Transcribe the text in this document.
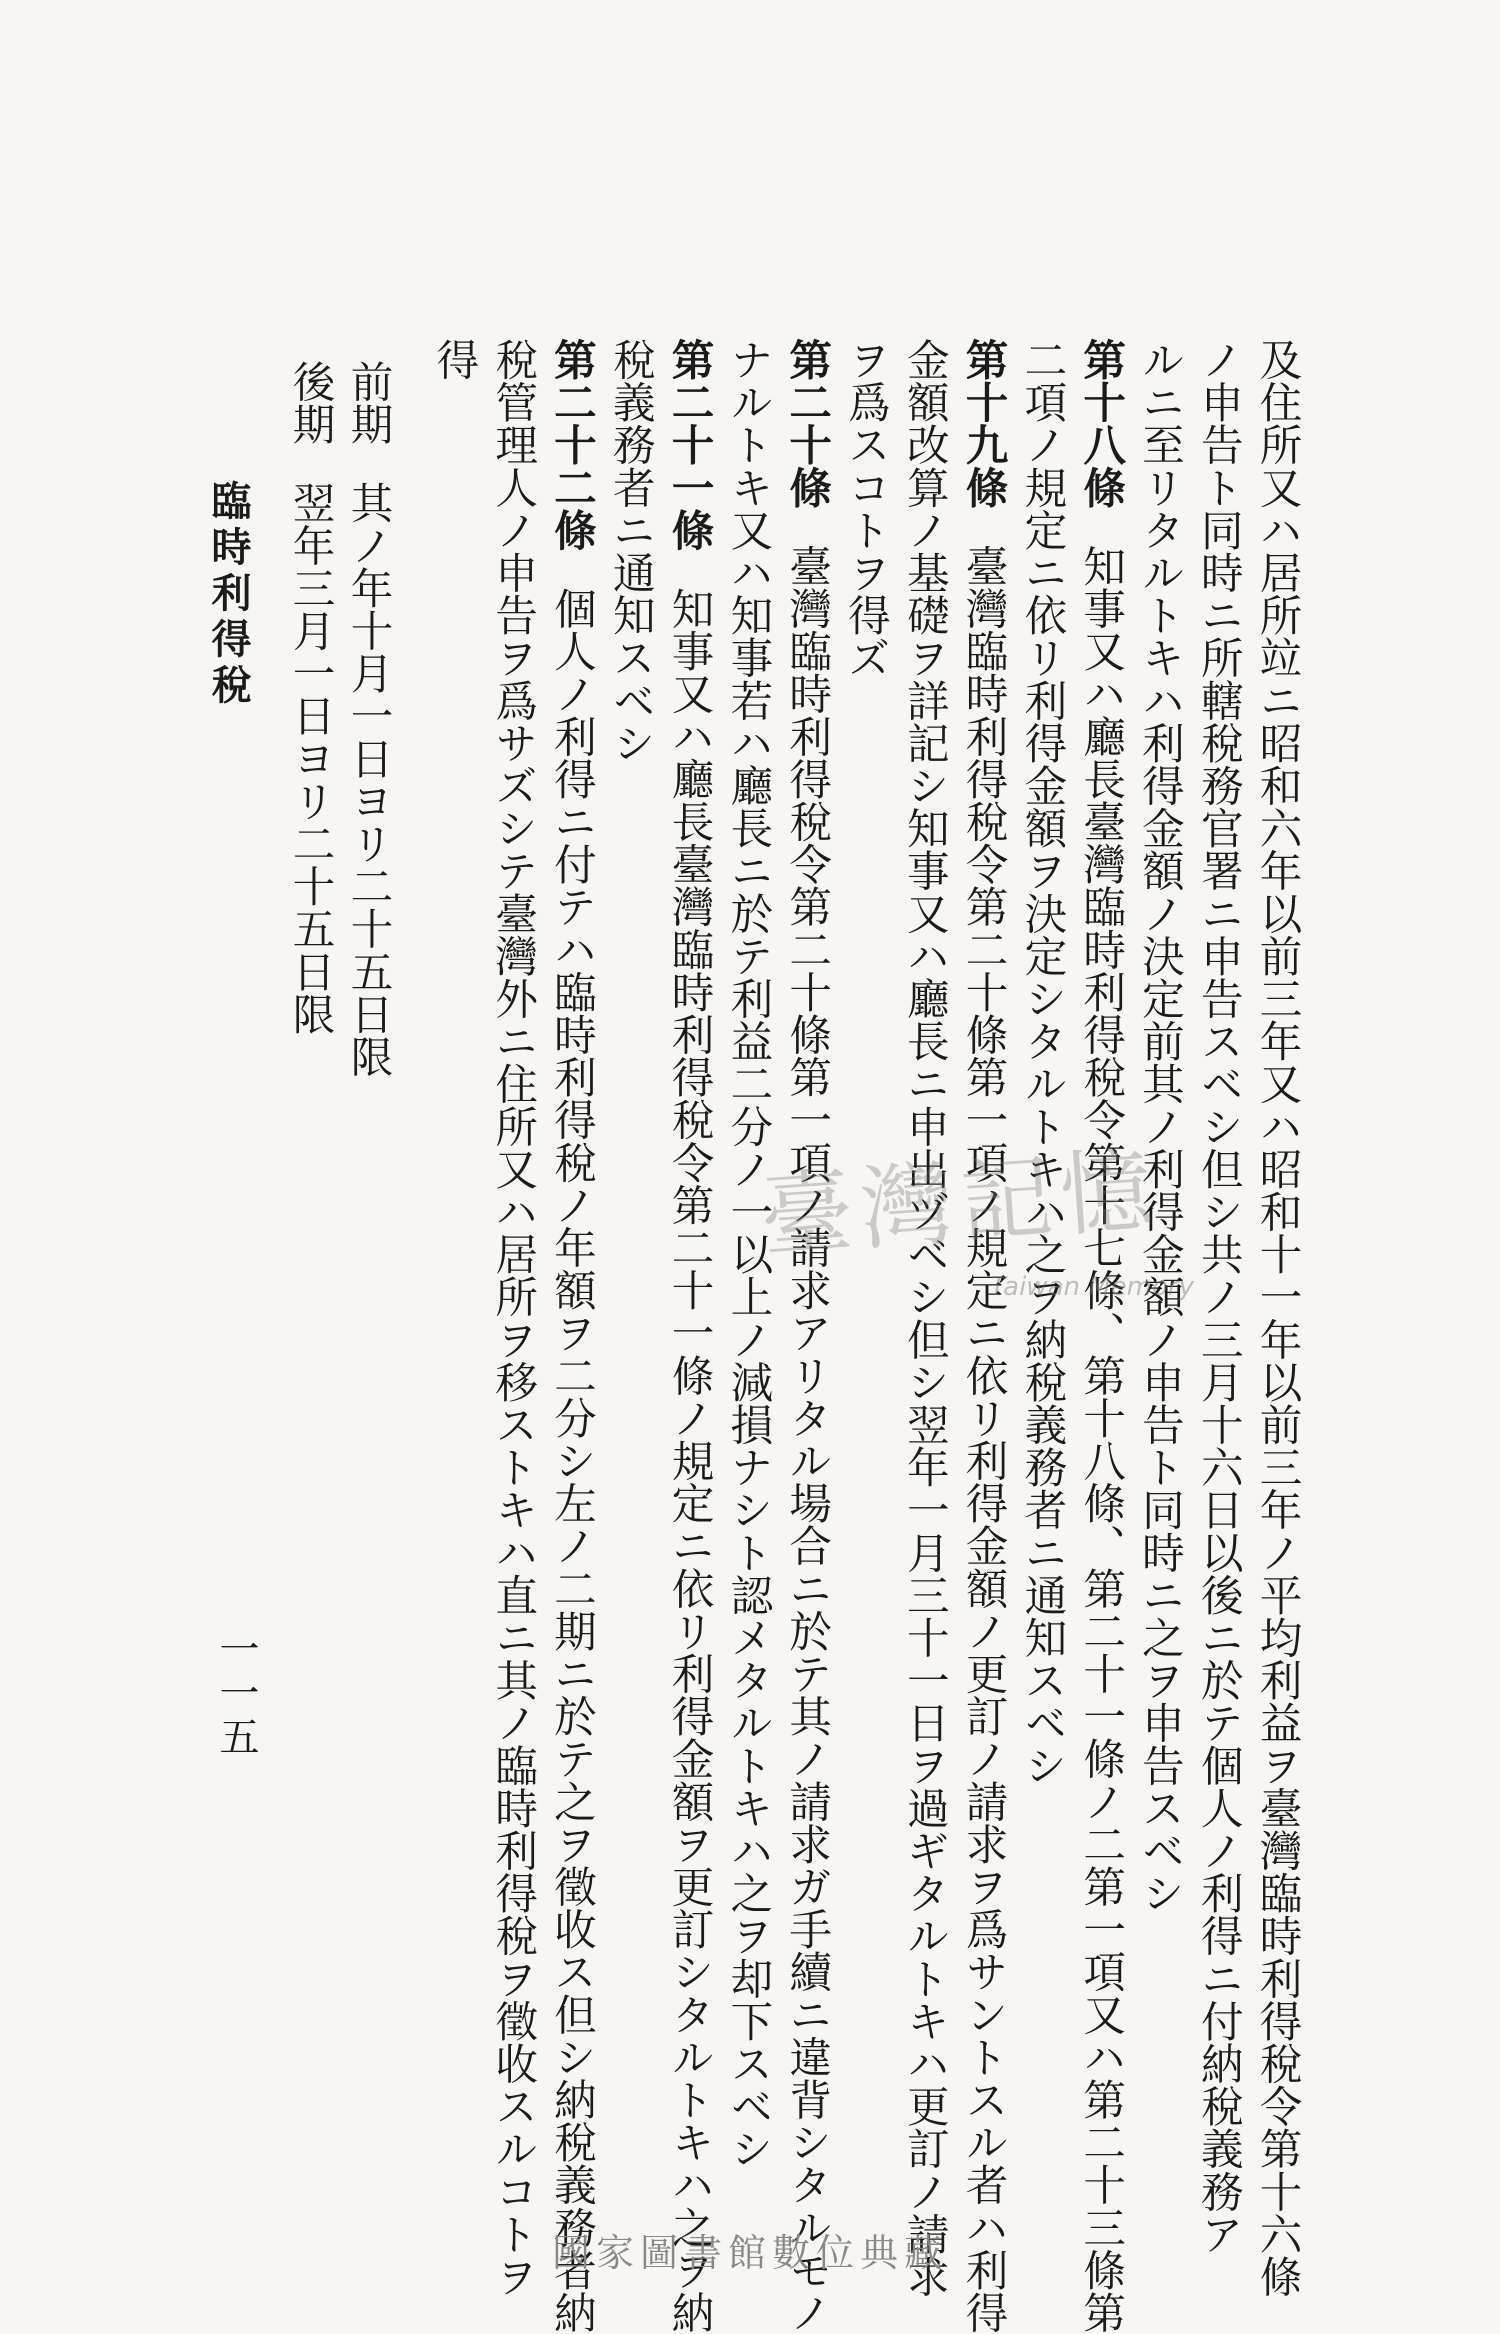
及住所又ハ居所竝ニ昭和六年以前三年又ハ昭和十一年以前三年ノ平均利益ヲ臺灣臨時利得稅令第十六條
ノ申告ト同時ニ所轄稅務官署ニ申告スベシ但シ共ノ三月十六日以後ニ於テ個人ノ利得ニ付納稅義務ア
ルニ至リタルトキハ利得金額ノ決定前其ノ利得金額ノ申告ト同時ニ之ヲ申告スベシ
第十八條知事又ハ廳長臺灣臨時利得稅令第十七條、第十八條、第二十一條ノ二第一項又ハ第二十三條第
二項ノ規定ニ依リ利得金額ヲ決定シタルトキハ之ヲ納稅義務者ニ通知スベシ
第十九條臺灣臨時利得稅令第二十條第一項ノ規定ニ依リ利得金額ノ更訂ノ請求ヲ爲サントスル者ハ利得
金額改算ノ基礎ヲ詳記シ知事又ハ廳長ニ申出ヅベシ但シ翌年一月三十一日ヲ過ギタルトキハ更訂ノ請求
ヲ爲スコトヲ得ズ
第二十條臺灣臨時利得稅令第二十條第一項ノ請求アリタル場合ニ於テ其ノ請求ガ手續ニ違背シタルモノ
ナルトキ又ハ知事若ハ廳長ニ於テ利益二分ノ一以上ノ減損ナシト認メタルトキハ之ヲ却下スベシ
第二十一條知事又ハ廳長臺灣臨時利得稅令第二十一條ノ規定ニ依リ利得金額ヲ更訂シタルトキハ之ヲ納
稅義務者ニ通知スベシ
第二十二條個人ノ利得ニ付テハ臨時利得稅ノ年額ヲ二分シ左ノ二期ニ於テ之ヲ徵收ス但シ納稅義務者納
稅管理人ノ申告ヲ爲サズシテ臺灣外ニ住所又ハ居所ヲ移ストキハ直ニ其ノ臨時利得稅ヲ徵收スルコトヲ
得
前期其ノ年十月一日ヨリ二十五日限
後期翌年三月一日ヨリ二十五日限
臨時利得稅
一一五
臺灣記憶
Taiwan Memory
國家圖書館數位典藏
